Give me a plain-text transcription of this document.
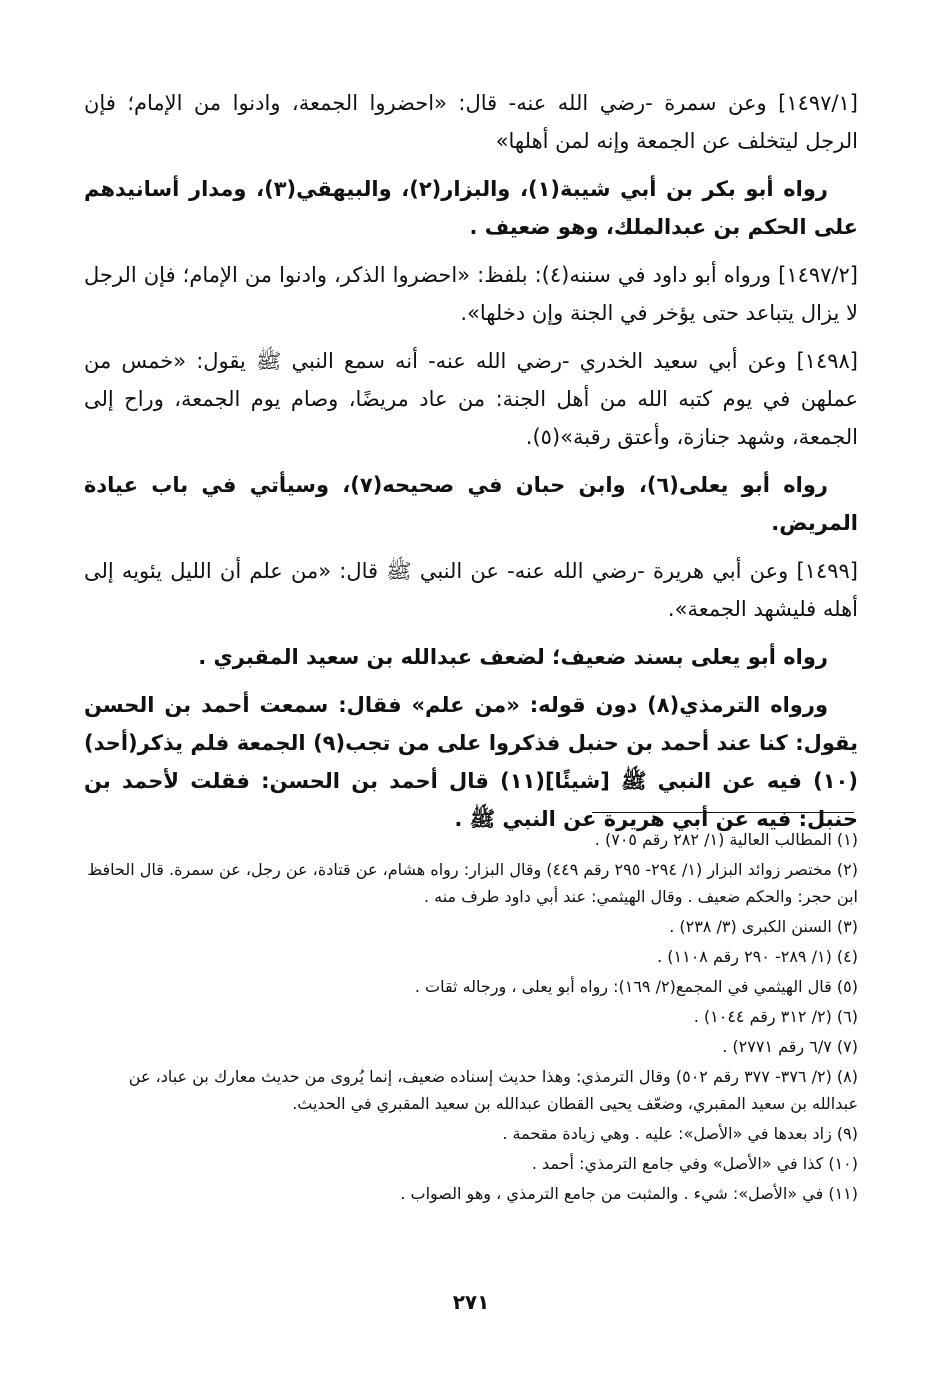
[١٤٩٧/١] وعن سمرة -رضي الله عنه- قال: «احضروا الجمعة، وادنوا من الإمام؛ فإن الرجل ليتخلف عن الجمعة وإنه لمن أهلها»

رواه أبو بكر بن أبي شيبة(١)، والبزار(٢)، والبيهقي(٣)، ومدار أسانيدهم على الحكم بن عبدالملك، وهو ضعيف .

[١٤٩٧/٢] ورواه أبو داود في سننه(٤): بلفظ: «احضروا الذكر، وادنوا من الإمام؛ فإن الرجل لا يزال يتباعد حتى يؤخر في الجنة وإن دخلها».

[١٤٩٨] وعن أبي سعيد الخدري -رضي الله عنه- أنه سمع النبي ﷺ يقول: «خمس من عملهن في يوم كتبه الله من أهل الجنة: من عاد مريضًا، وصام يوم الجمعة، وراح إلى الجمعة، وشهد جنازة، وأعتق رقبة»(٥).

رواه أبو يعلى(٦)، وابن حبان في صحيحه(٧)، وسيأتي في باب عيادة المريض.

[١٤٩٩] وعن أبي هريرة -رضي الله عنه- عن النبي ﷺ قال: «من علم أن الليل يئويه إلى أهله فليشهد الجمعة».

رواه أبو يعلى بسند ضعيف؛ لضعف عبدالله بن سعيد المقبري .

ورواه الترمذي(٨) دون قوله: «من علم» فقال: سمعت أحمد بن الحسن يقول: كنا عند أحمد بن حنبل فذكروا على من تجب(٩) الجمعة فلم يذكر(أحد)(١٠) فيه عن النبي ﷺ [شيئًا](١١) قال أحمد بن الحسن: فقلت لأحمد بن حنبل: فيه عن أبي هريرة عن النبي ﷺ .

(١) المطالب العالية (١/ ٢٨٢ رقم ٧٠٥) .

(٢) مختصر زوائد البزار (١/ ٢٩٤- ٢٩٥ رقم ٤٤٩) وقال البزار: رواه هشام، عن قتادة، عن رجل، عن سمرة. قال الحافظ ابن حجر: والحكم ضعيف . وقال الهيثمي: عند أبي داود طرف منه .

(٣) السنن الكبرى (٣/ ٢٣٨) .

(٤) (١/ ٢٨٩- ٢٩٠ رقم ١١٠٨) .

(٥) قال الهيثمي في المجمع(٢/ ١٦٩): رواه أبو يعلى ، ورجاله ثقات .

(٦) (٢/ ٣١٢ رقم ١٠٤٤) .

(٧) ٦/٧ رقم ٢٧٧١) .

(٨) (٢/ ٣٧٦- ٣٧٧ رقم ٥٠٢) وقال الترمذي: وهذا حديث إسناده ضعيف، إنما يُروى من حديث معارك بن عباد، عن عبدالله بن سعيد المقبري، وضعّف يحيى القطان عبدالله بن سعيد المقبري في الحديث.

(٩) زاد بعدها في «الأصل»: عليه . وهي زيادة مقحمة .

(١٠) كذا في «الأصل» وفي جامع الترمذي: أحمد .

(١١) في «الأصل»: شيء . والمثبت من جامع الترمذي ، وهو الصواب .

٢٧١
